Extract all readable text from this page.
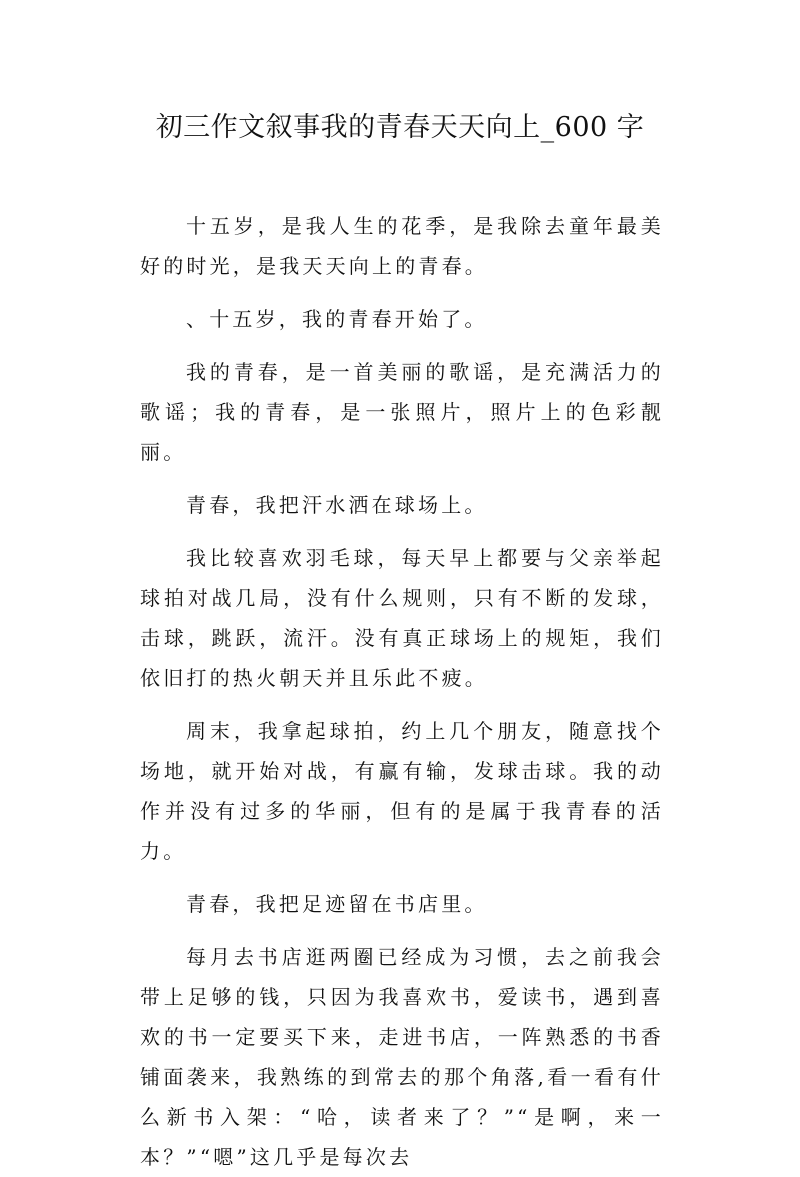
初三作文叙事我的青春天天向上_600 字

十五岁，是我人生的花季，是我除去童年最美好的时光，是我天天向上的青春。

、十五岁，我的青春开始了。

我的青春，是一首美丽的歌谣，是充满活力的歌谣；我的青春，是一张照片，照片上的色彩靓丽。

青春，我把汗水洒在球场上。

我比较喜欢羽毛球，每天早上都要与父亲举起球拍对战几局，没有什么规则，只有不断的发球，击球，跳跃，流汗。没有真正球场上的规矩，我们依旧打的热火朝天并且乐此不疲。

周末，我拿起球拍，约上几个朋友，随意找个场地，就开始对战，有赢有输，发球击球。我的动作并没有过多的华丽，但有的是属于我青春的活力。

青春，我把足迹留在书店里。

每月去书店逛两圈已经成为习惯，去之前我会带上足够的钱，只因为我喜欢书，爱读书，遇到喜欢的书一定要买下来，走进书店，一阵熟悉的书香铺面袭来，我熟练的到常去的那个角落,看一看有什么新书入架：“哈，读者来了？”“是啊，来一本？”“嗯”这几乎是每次去
